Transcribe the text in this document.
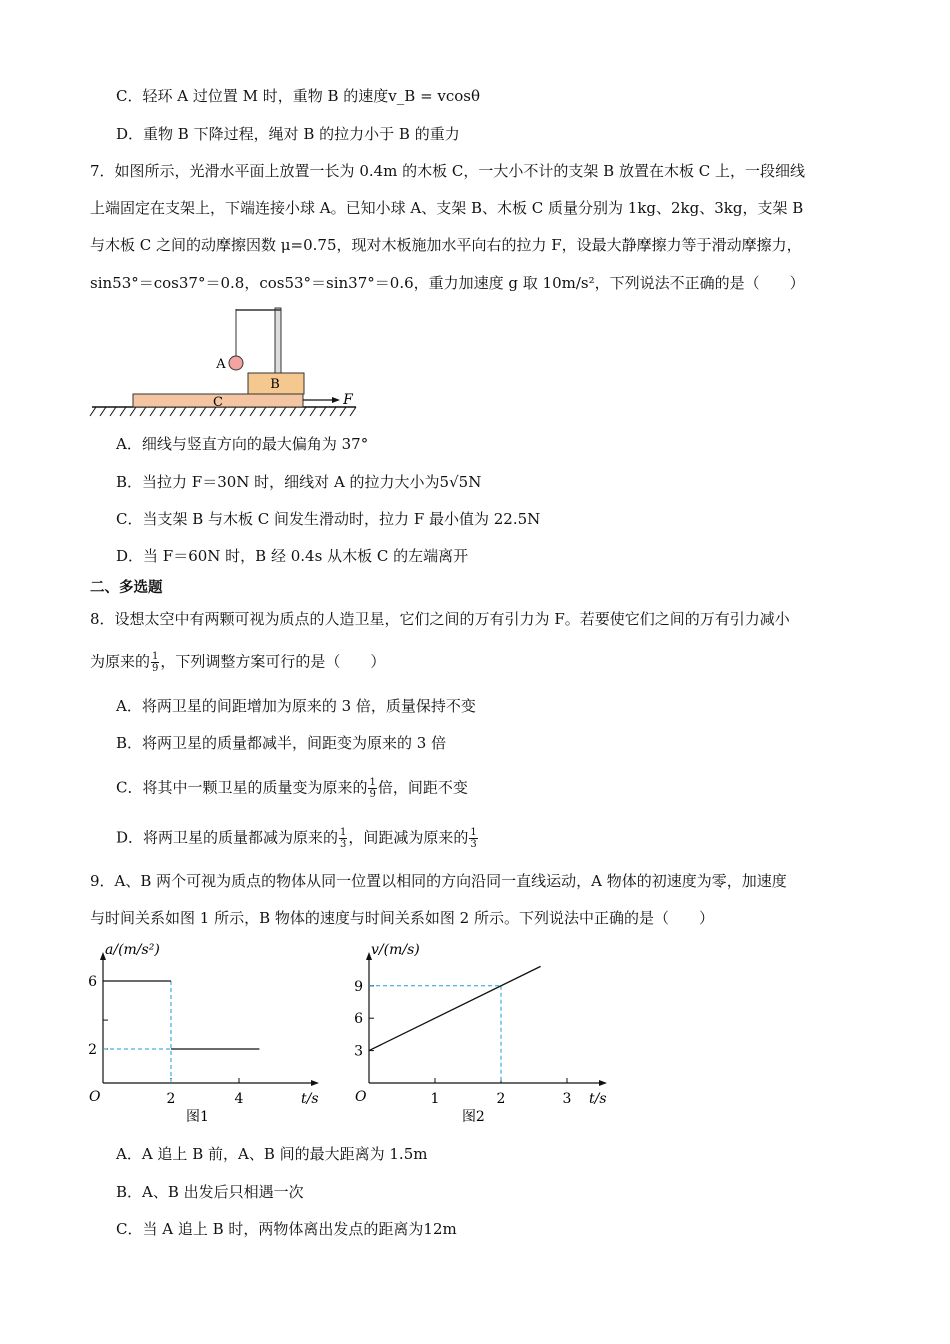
C．轻环 A 过位置 M 时，重物 B 的速度v_B = vcosθ
D．重物 B 下降过程，绳对 B 的拉力小于 B 的重力
7．如图所示，光滑水平面上放置一长为 0.4m 的木板 C，一大小不计的支架 B 放置在木板 C 上，一段细线
上端固定在支架上，下端连接小球 A。已知小球 A、支架 B、木板 C 质量分别为 1kg、2kg、3kg，支架 B
与木板 C 之间的动摩擦因数 μ=0.75，现对木板施加水平向右的拉力 F，设最大静摩擦力等于滑动摩擦力，
sin53°＝cos37°＝0.8，cos53°＝sin37°＝0.6，重力加速度 g 取 10m/s²，下列说法不正确的是（　　）
C
B
A
F
A．细线与竖直方向的最大偏角为 37°
B．当拉力 F＝30N 时，细线对 A 的拉力大小为5√5N
C．当支架 B 与木板 C 间发生滑动时，拉力 F 最小值为 22.5N
D．当 F＝60N 时，B 经 0.4s 从木板 C 的左端离开
二、多选题
8．设想太空中有两颗可视为质点的人造卫星，它们之间的万有引力为 F。若要使它们之间的万有引力减小
为原来的 $\frac{1}{9}$ ，下列调整方案可行的是（　　）
A．将两卫星的间距增加为原来的 3 倍，质量保持不变
B．将两卫星的质量都减半，间距变为原来的 3 倍
C．将其中一颗卫星的质量变为原来的 $\frac{1}{9}$ 倍，间距不变
D．将两卫星的质量都减为原来的 $\frac{1}{3}$ ，间距减为原来的 $\frac{1}{3}$
9．A、B 两个可视为质点的物体从同一位置以相同的方向沿同一直线运动，A 物体的初速度为零，加速度
与时间关系如图 1 所示，B 物体的速度与时间关系如图 2 所示。下列说法中正确的是（　　）
a/(m/s²)
t/s
O
图1
2	4
2
6
v/(m/s)
t/s
O
图2
1	2	3
3
6
9
A．A 追上 B 前，A、B 间的最大距离为 1.5m
B．A、B 出发后只相遇一次
C．当 A 追上 B 时，两物体离出发点的距离为12m
